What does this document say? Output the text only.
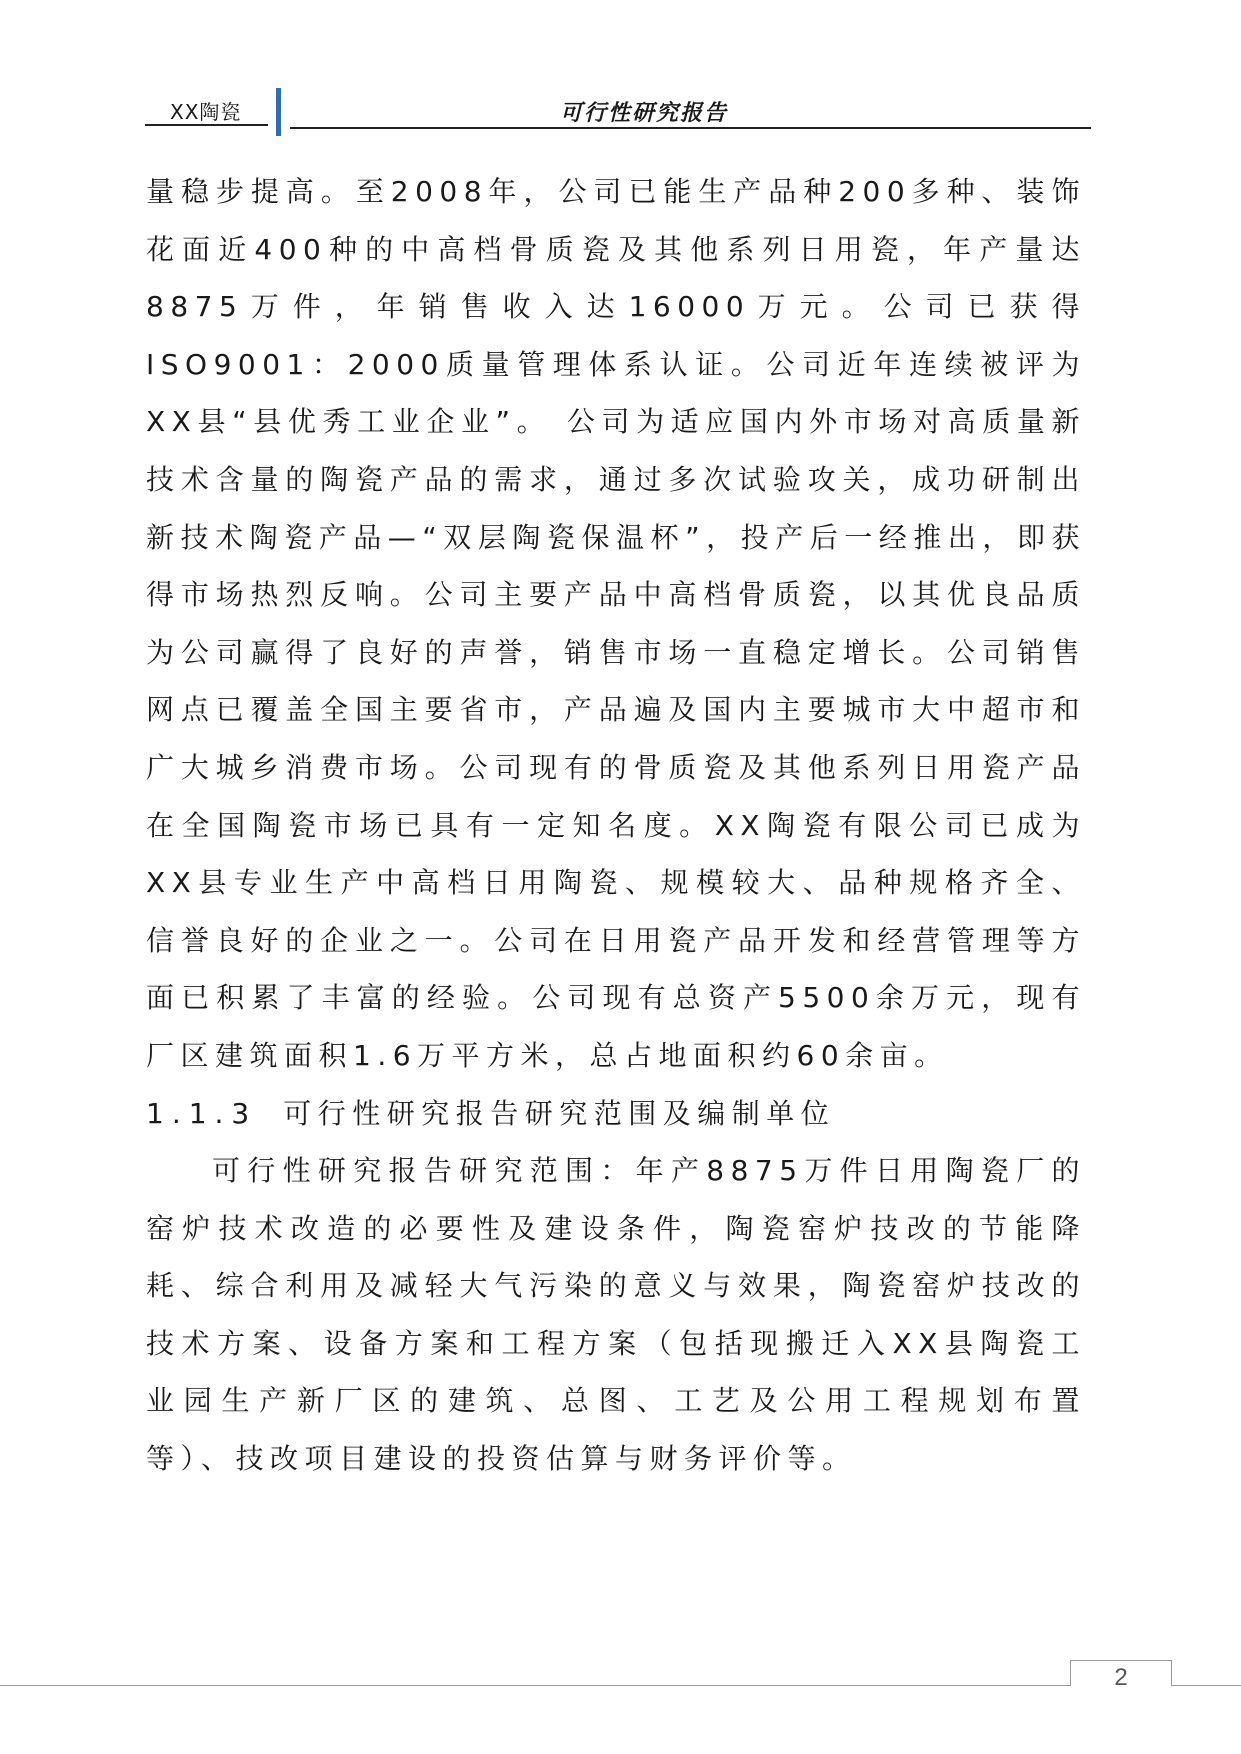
XX陶瓷	可行性研究报告

量稳步提高。至2008年，公司已能生产品种200多种、装饰花面近400种的中高档骨质瓷及其他系列日用瓷，年产量达8875万件，年销售收入达16000万元。公司已获得ISO9001：2000质量管理体系认证。公司近年连续被评为XX县“县优秀工业企业”。 公司为适应国内外市场对高质量新技术含量的陶瓷产品的需求，通过多次试验攻关，成功研制出新技术陶瓷产品—“双层陶瓷保温杯”，投产后一经推出，即获得市场热烈反响。公司主要产品中高档骨质瓷，以其优良品质为公司赢得了良好的声誉，销售市场一直稳定增长。公司销售网点已覆盖全国主要省市，产品遍及国内主要城市大中超市和广大城乡消费市场。公司现有的骨质瓷及其他系列日用瓷产品在全国陶瓷市场已具有一定知名度。XX陶瓷有限公司已成为XX县专业生产中高档日用陶瓷、规模较大、品种规格齐全、信誉良好的企业之一。公司在日用瓷产品开发和经营管理等方面已积累了丰富的经验。公司现有总资产5500余万元，现有厂区建筑面积1.6万平方米，总占地面积约60余亩。

1.1.3 可行性研究报告研究范围及编制单位

可行性研究报告研究范围：年产8875万件日用陶瓷厂的窑炉技术改造的必要性及建设条件，陶瓷窑炉技改的节能降耗、综合利用及减轻大气污染的意义与效果，陶瓷窑炉技改的技术方案、设备方案和工程方案（包括现搬迁入XX县陶瓷工业园生产新厂区的建筑、总图、工艺及公用工程规划布置等）、技改项目建设的投资估算与财务评价等。

2
